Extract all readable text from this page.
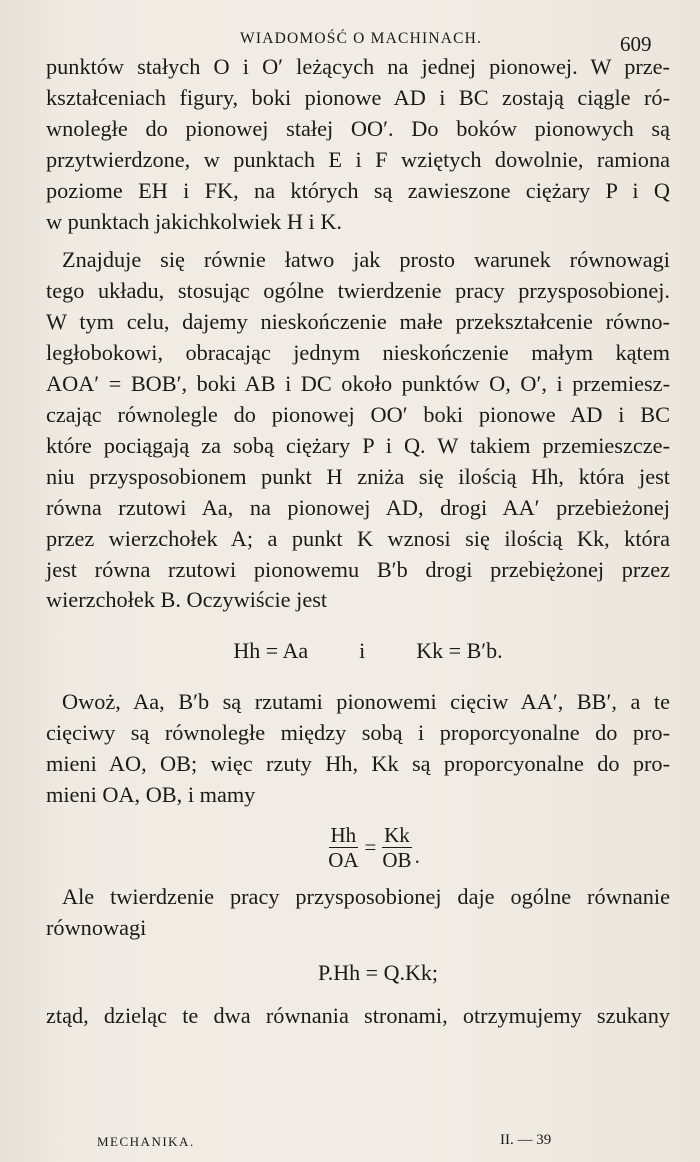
WIADOMOŚĆ O MACHINACH.	609
punktów stałych O i O′ leżących na jednej pionowej. W prze-
kształceniach figury, boki pionowe AD i BC zostają ciągle ró-
wnoległe do pionowej stałej OO′. Do boków pionowych są
przytwierdzone, w punktach E i F wziętych dowolnie, ramiona
poziome EH i FK, na których są zawieszone ciężary P i Q
w punktach jakichkolwiek H i K.
Znajduje się równie łatwo jak prosto warunek równowagi
tego układu, stosując ogólne twierdzenie pracy przysposobionej.
W tym celu, dajemy nieskończenie małe przekształcenie równo-
ległobokowi, obracając jednym nieskończenie małym kątem
AOA′ = BOB′, boki AB i DC około punktów O, O′, i przemiesz-
czając równolegle do pionowej OO′ boki pionowe AD i BC
które pociągają za sobą ciężary P i Q. W takiem przemieszcze-
niu przysposobionem punkt H zniża się ilością Hh, która jest
równa rzutowi Aa, na pionowej AD, drogi AA′ przebieżonej
przez wierzchołek A; a punkt K wznosi się ilością Kk, która
jest równa rzutowi pionowemu B′b drogi przebiężonej przez
wierzchołek B. Oczywiście jest
Hh = Aa i Kk = B′b.
Owoż, Aa, B′b są rzutami pionowemi cięciw AA′, BB′, a te
cięciwy są równoległe między sobą i proporcyonalne do pro-
mieni AO, OB; więc rzuty Hh, Kk są proporcyonalne do pro-
mieni OA, OB, i mamy
$\frac{Hh}{OA} = \frac{Kk}{OB}$ .
Ale twierdzenie pracy przysposobionej daje ogólne równanie
równowagi
P.Hh = Q.Kk;
ztąd, dzieląc te dwa równania stronami, otrzymujemy szukany
MECHANIKA.	II. — 39
